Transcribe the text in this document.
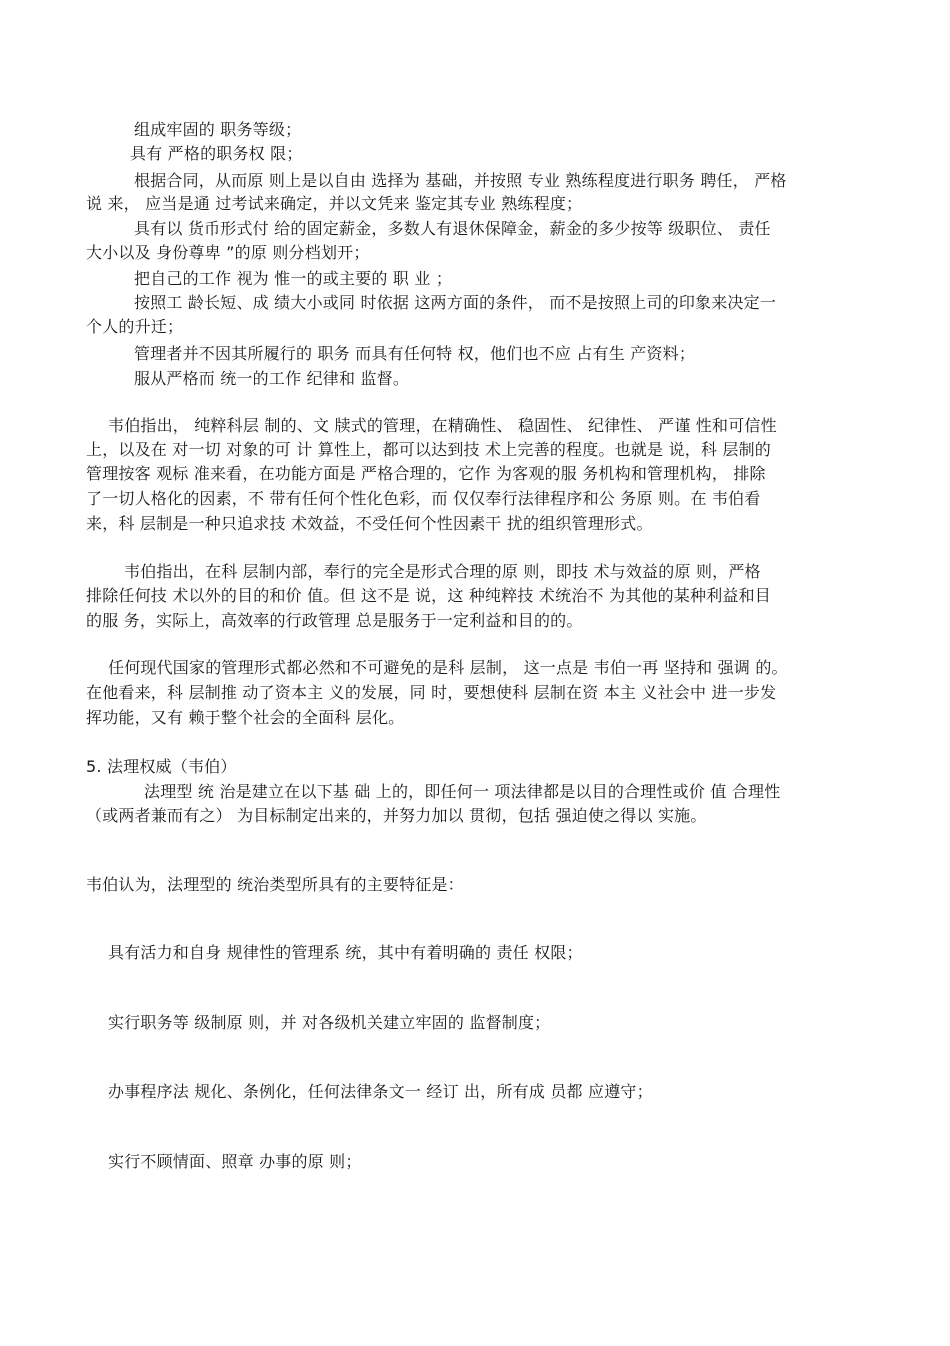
组成牢固的 职务等级；
具有 严格的职务权 限；
根据合同，从而原 则上是以自由 选择为 基础，并按照 专业 熟练程度进行职务 聘任， 严格
说 来， 应当是通 过考试来确定，并以文凭来 鉴定其专业 熟练程度；
具有以 货币形式付 给的固定薪金，多数人有退休保障金，薪金的多少按等 级职位、 责任
大小以及 身份尊卑 ”的原 则分档划开；
把自己的工作 视为 惟一的或主要的 职 业 ；
按照工 龄长短、成 绩大小或同 时依据 这两方面的条件， 而不是按照上司的印象来决定一
个人的升迁；
管理者并不因其所履行的 职务 而具有任何特 权，他们也不应 占有生 产资料；
服从严格而 统一的工作 纪律和 监督。
韦伯指出， 纯粹科层 制的、文 牍式的管理，在精确性、 稳固性、 纪律性、 严谨 性和可信性
上，以及在 对一切 对象的可 计 算性上，都可以达到技 术上完善的程度。也就是 说，科 层制的
管理按客 观标 准来看，在功能方面是 严格合理的，它作 为客观的服 务机构和管理机构， 排除
了一切人格化的因素，不 带有任何个性化色彩，而 仅仅奉行法律程序和公 务原 则。在 韦伯看
来，科 层制是一种只追求技 术效益，不受任何个性因素干 扰的组织管理形式。
韦伯指出，在科 层制内部，奉行的完全是形式合理的原 则，即技 术与效益的原 则，严格
排除任何技 术以外的目的和价 值。但 这不是 说，这 种纯粹技 术统治不 为其他的某种利益和目
的服 务，实际上，高效率的行政管理 总是服务于一定利益和目的的。
任何现代国家的管理形式都必然和不可避免的是科 层制， 这一点是 韦伯一再 坚持和 强调 的。
在他看来，科 层制推 动了资本主 义的发展，同 时，要想使科 层制在资 本主 义社会中 进一步发
挥功能，又有 赖于整个社会的全面科 层化。
5. 法理权威（韦伯）
法理型 统 治是建立在以下基 础 上的，即任何一 项法律都是以目的合理性或价 值 合理性
（或两者兼而有之） 为目标制定出来的，并努力加以 贯彻，包括 强迫使之得以 实施。
韦伯认为，法理型的 统治类型所具有的主要特征是：
具有活力和自身 规律性的管理系 统，其中有着明确的 责任 权限；
实行职务等 级制原 则，并 对各级机关建立牢固的 监督制度；
办事程序法 规化、条例化，任何法律条文一 经订 出，所有成 员都 应遵守；
实行不顾情面、照章 办事的原 则；
